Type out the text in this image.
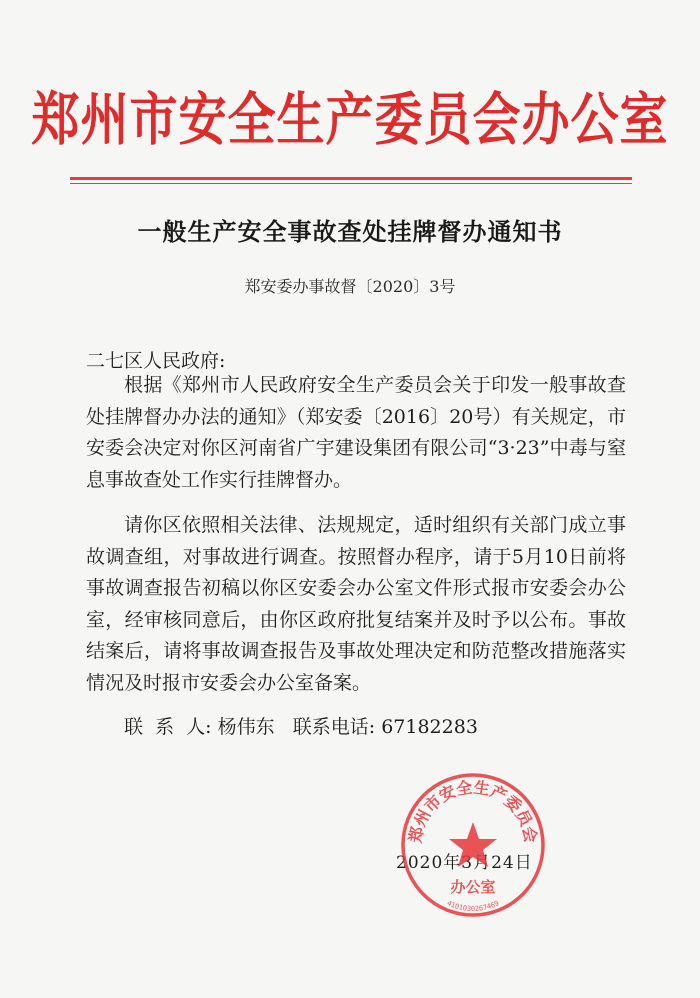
郑州市安全生产委员会办公室
一般生产安全事故查处挂牌督办通知书
郑安委办事故督〔2020〕3号
二七区人民政府:
根据《郑州市人民政府安全生产委员会关于印发一般事故查处挂牌督办办法的通知》（郑安委〔2016〕20号）有关规定，市安委会决定对你区河南省广宇建设集团有限公司“3·23”中毒与窒息事故查处工作实行挂牌督办。
请你区依照相关法律、法规规定，适时组织有关部门成立事故调查组，对事故进行调查。按照督办程序，请于5月10日前将事故调查报告初稿以你区安委会办公室文件形式报市安委会办公室，经审核同意后，由你区政府批复结案并及时予以公布。事故结案后，请将事故调查报告及事故处理决定和防范整改措施落实情况及时报市安委会办公室备案。
联  系  人: 杨伟东 联系电话: 67182283
2020年3月24日
郑州市安全生产委员会
办公室
4101030267469
